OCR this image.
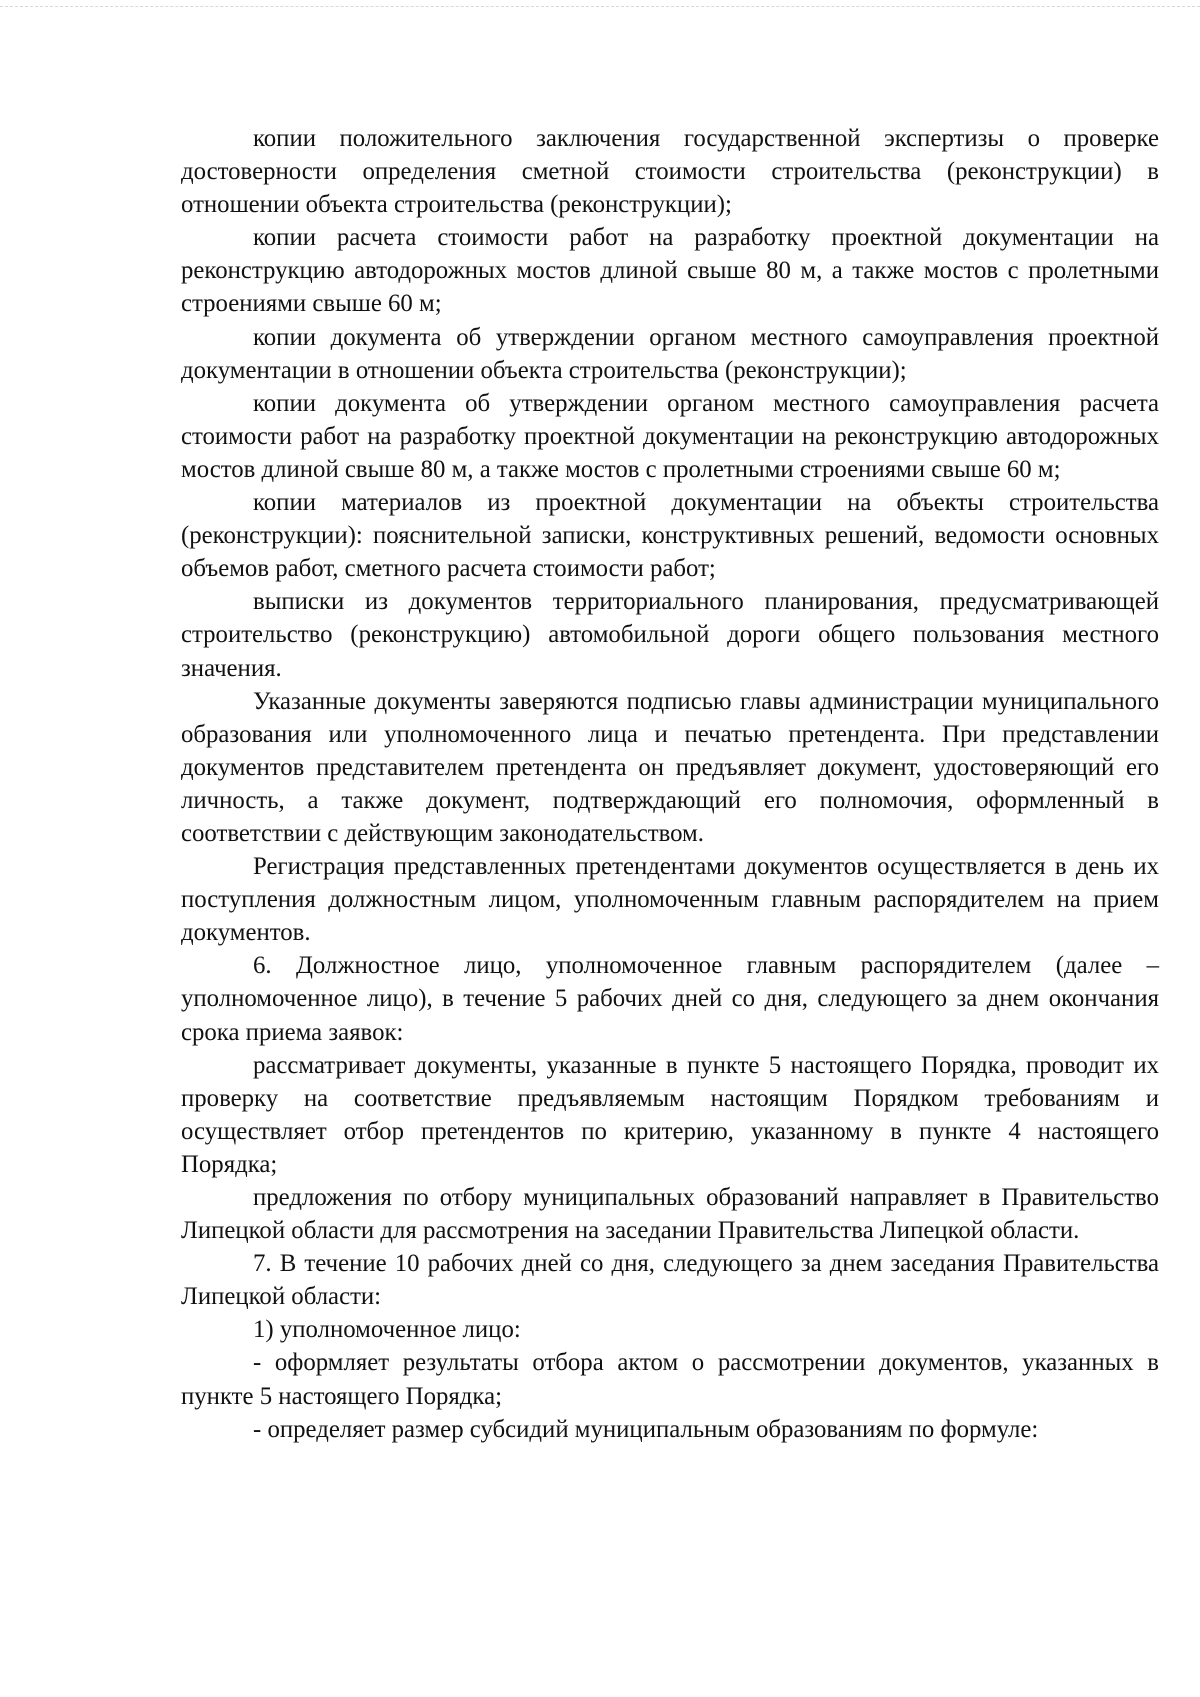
копии положительного заключения государственной экспертизы о проверке достоверности определения сметной стоимости строительства (реконструкции) в отношении объекта строительства (реконструкции);

копии расчета стоимости работ на разработку проектной документации на реконструкцию автодорожных мостов длиной свыше 80 м, а также мостов с пролетными строениями свыше 60 м;

копии документа об утверждении органом местного самоуправления проектной документации в отношении объекта строительства (реконструкции);

копии документа об утверждении органом местного самоуправления расчета стоимости работ на разработку проектной документации на реконструкцию автодорожных мостов длиной свыше 80 м, а также мостов с пролетными строениями свыше 60 м;

копии материалов из проектной документации на объекты строительства (реконструкции): пояснительной записки, конструктивных решений, ведомости основных объемов работ, сметного расчета стоимости работ;

выписки из документов территориального планирования, предусматривающей строительство (реконструкцию) автомобильной дороги общего пользования местного значения.

Указанные документы заверяются подписью главы администрации муниципального образования или уполномоченного лица и печатью претендента. При представлении документов представителем претендента он предъявляет документ, удостоверяющий его личность, а также документ, подтверждающий его полномочия, оформленный в соответствии с действующим законодательством.

Регистрация представленных претендентами документов осуществляется в день их поступления должностным лицом, уполномоченным главным распорядителем на прием документов.

6. Должностное лицо, уполномоченное главным распорядителем (далее – уполномоченное лицо), в течение 5 рабочих дней со дня, следующего за днем окончания срока приема заявок:

рассматривает документы, указанные в пункте 5 настоящего Порядка, проводит их проверку на соответствие предъявляемым настоящим Порядком требованиям и осуществляет отбор претендентов по критерию, указанному в пункте 4 настоящего Порядка;

предложения по отбору муниципальных образований направляет в Правительство Липецкой области для рассмотрения на заседании Правительства Липецкой области.

7. В течение 10 рабочих дней со дня, следующего за днем заседания Правительства Липецкой области:

1) уполномоченное лицо:

- оформляет результаты отбора актом о рассмотрении документов, указанных в пункте 5 настоящего Порядка;

- определяет размер субсидий муниципальным образованиям по формуле:
